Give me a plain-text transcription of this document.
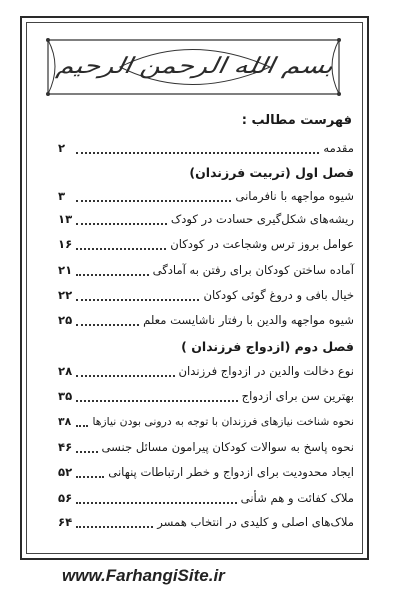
بسم الله الرحمن الرحيم
فهرست مطالب :
مقدمه
۲
فصل اول (تربیت فرزندان)
شیوه مواجهه با نافرمانی
۳
ریشه‌های شکل‌گیری حسادت در کودک
۱۳
عوامل بروز ترس وشجاعت در کودکان
۱۶
آماده ساختن کودکان برای رفتن به آمادگی
۲۱
خیال بافی و دروغ گوئی کودکان
۲۲
شیوه مواجهه والدین با رفتار ناشایست معلم
۲۵
فصل دوم (ازدواج فرزندان )
نوع دخالت والدین در ازدواج فرزندان
۲۸
بهترین سن برای ازدواج
۳۵
نحوه شناخت نیازهای فرزندان با توجه به درونی بودن نیازها
۳۸
نحوه پاسخ به سوالات کودکان پیرامون مسائل جنسی
۴۶
ایجاد محدودیت برای ازدواج و خطر ارتباطات پنهانی
۵۲
ملاک کفائت و هم شأنی
۵۶
ملاک‌های اصلی و کلیدی در انتخاب همسر
۶۴
www.FarhangiSite.ir
